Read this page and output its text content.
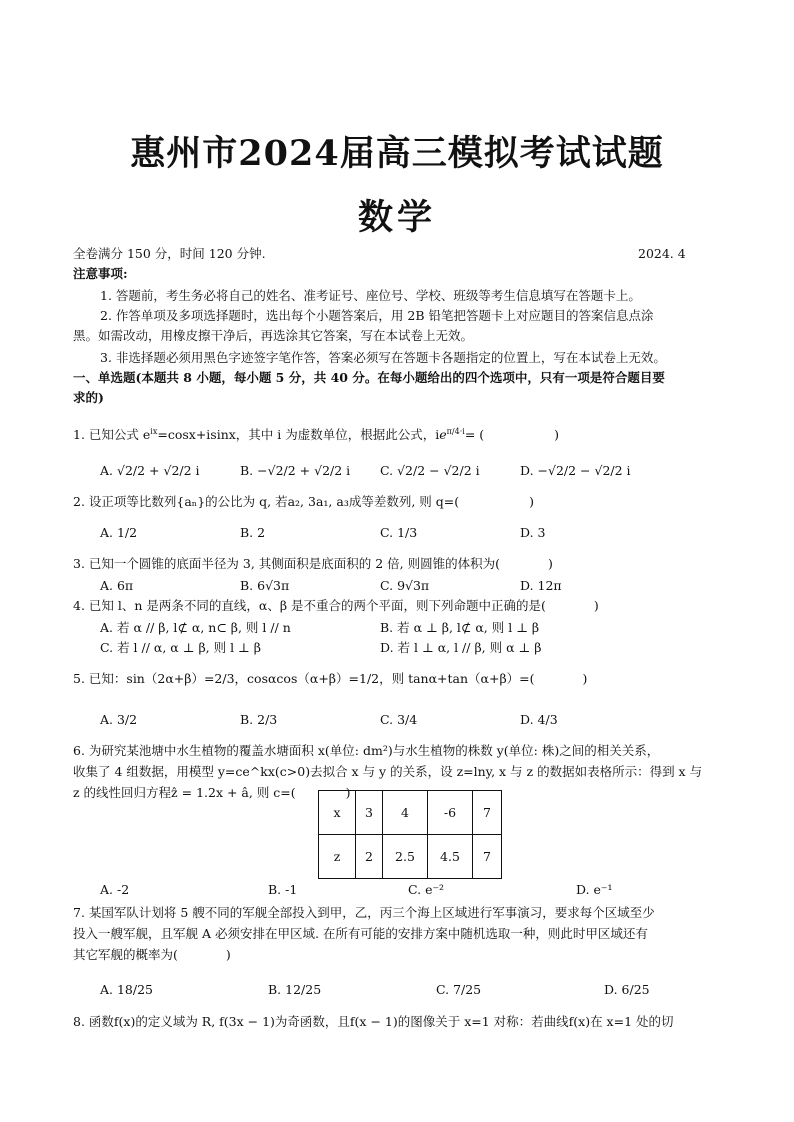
惠州市2024届高三模拟考试试题
数学
全卷满分 150 分，时间 120 分钟.	2024. 4
注意事项:
1. 答题前，考生务必将自己的姓名、准考证号、座位号、学校、班级等考生信息填写在答题卡上。
2. 作答单项及多项选择题时，选出每个小题答案后，用 2B 铅笔把答题卡上对应题目的答案信息点涂
黑。如需改动，用橡皮擦干净后，再选涂其它答案，写在本试卷上无效。
3. 非选择题必须用黑色字迹签字笔作答，答案必须写在答题卡各题指定的位置上，写在本试卷上无效。
一、单选题(本题共 8 小题，每小题 5 分，共 40 分。在每小题给出的四个选项中，只有一项是符合题目要
求的)
1. 已知公式 $e^{ix}=\cos x+isinx$，其中 i 为虚数单位，根据此公式，$ie^{\pi/4\cdot i}=$ (	)
A. √2/2 + √2/2 i	B. −√2/2 + √2/2 i C. √2/2 − √2/2 i	D. −√2/2 − √2/2 i
2. 设正项等比数列{aₙ}的公比为 q, 若a₂, 3a₁, a₃成等差数列, 则 q=(	)
A. 1/2	B. 2	C. 1/3	D. 3
3. 已知一个圆锥的底面半径为 3, 其侧面积是底面积的 2 倍, 则圆锥的体积为(	)
A. 6π	B. 6√3π	C. 9√3π	D. 12π
4. 已知 l、n 是两条不同的直线，α、β 是不重合的两个平面，则下列命题中正确的是(	)
A. 若 α // β, l⊄ α, n⊂ β, 则 l // n	B. 若 α ⊥ β, l⊄ α, 则 l ⊥ β
C. 若 l // α, α ⊥ β, 则 l ⊥ β	D. 若 l ⊥ α, l // β, 则 α ⊥ β
5. 已知：sin（2α+β）=2/3，cosαcos（α+β）=1/2，则 tanα+tan（α+β）=(	)
A. 3/2	B. 2/3	C. 3/4	D. 4/3
6. 为研究某池塘中水生植物的覆盖水塘面积 x(单位: dm²)与水生植物的株数 y(单位: 株)之间的相关关系，
收集了 4 组数据，用模型 y=ce^kx(c>0)去拟合 x 与 y 的关系，设 z=lny, x 与 z 的数据如表格所示：得到 x 与
z 的线性回归方程ẑ = 1.2x + â, 则 c=(	)
x	3	4	-6	7
z	2	2.5	4.5	7
A. -2	B. -1	C. e⁻²	D. e⁻¹
7. 某国军队计划将 5 艘不同的军舰全部投入到甲，乙，丙三个海上区域进行军事演习，要求每个区域至少
投入一艘军舰，且军舰 A 必须安排在甲区域. 在所有可能的安排方案中随机选取一种，则此时甲区域还有
其它军舰的概率为(	)
A. 18/25	B. 12/25	C. 7/25	D. 6/25
8. 函数f(x)的定义域为 R, f(3x − 1)为奇函数，且f(x − 1)的图像关于 x=1 对称：若曲线f(x)在 x=1 处的切
